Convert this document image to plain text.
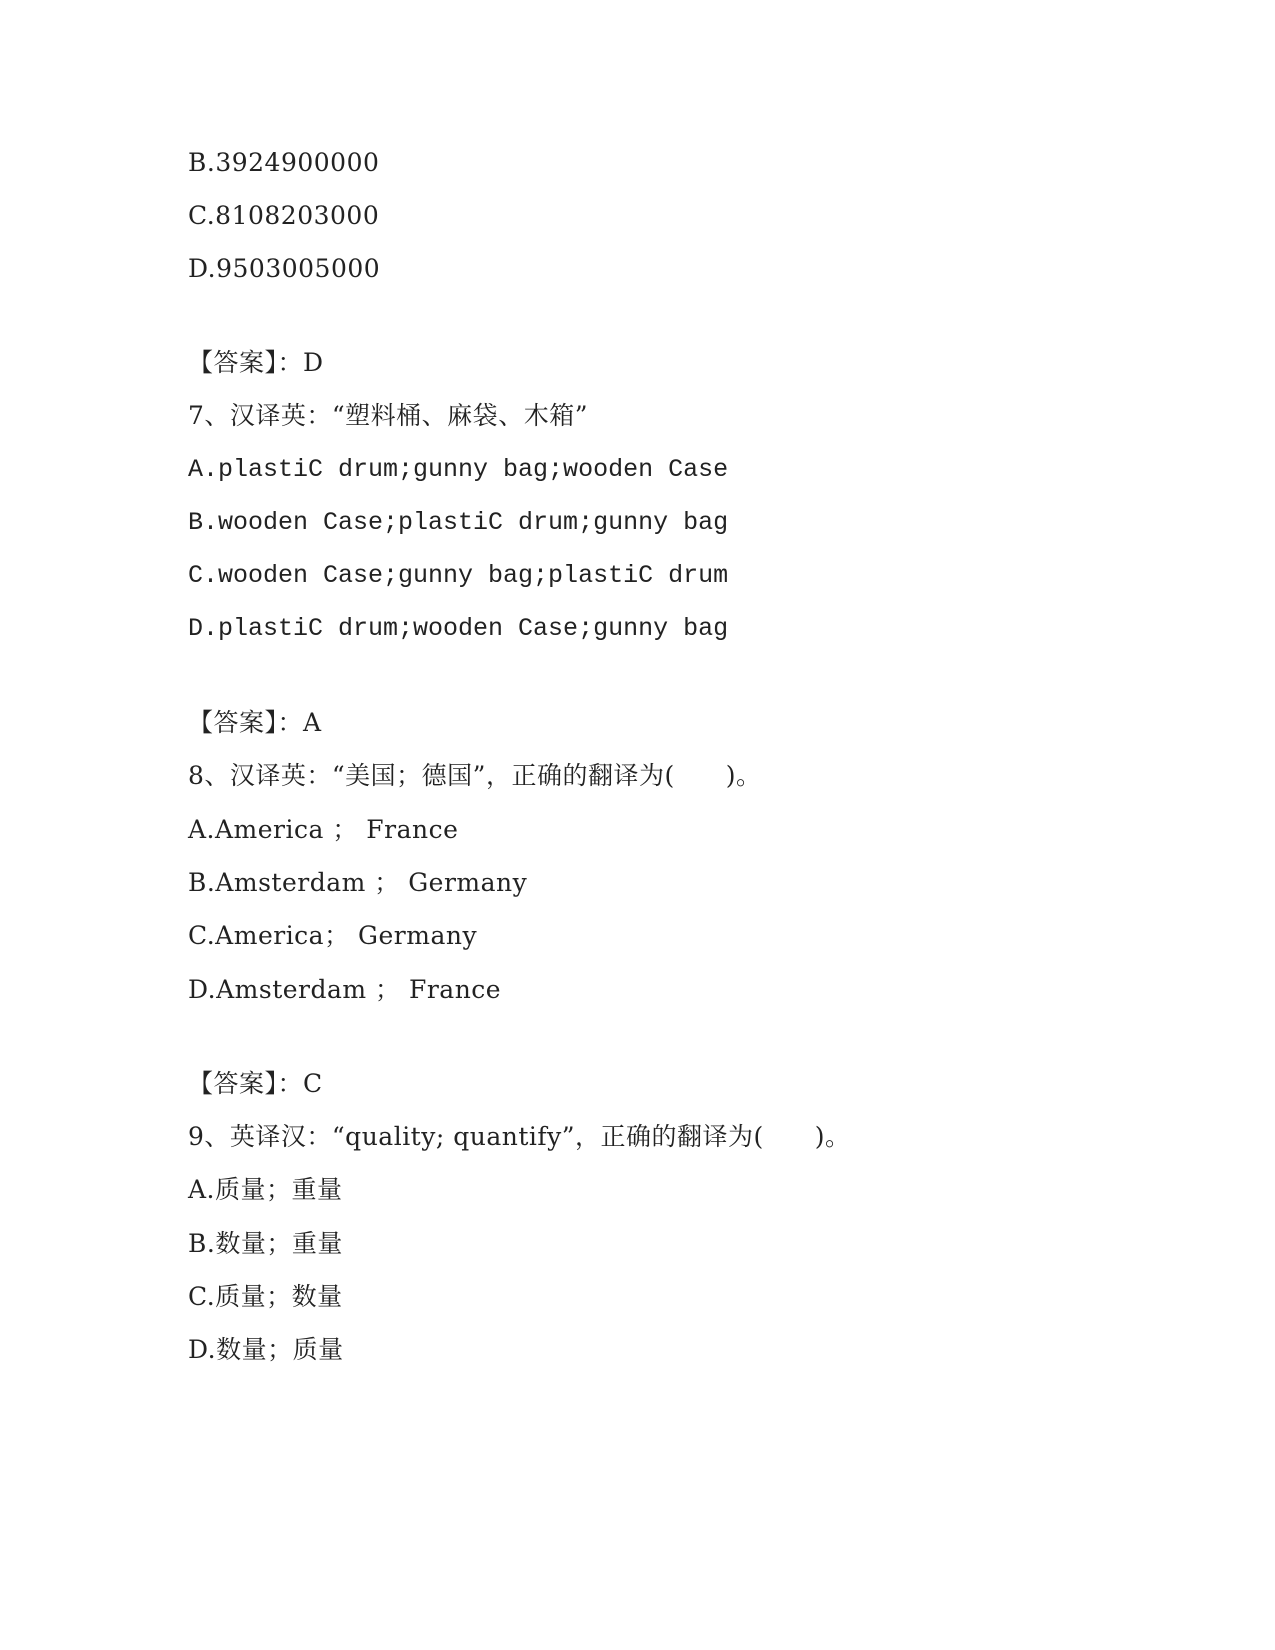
B.3924900000
C.8108203000
D.9503005000
【答案】：D
7、汉译英：“塑料桶、麻袋、木箱”
A.plastiC drum;gunny bag;wooden Case
B.wooden Case;plastiC drum;gunny bag
C.wooden Case;gunny bag;plastiC drum
D.plastiC drum;wooden Case;gunny bag
【答案】：A
8、汉译英：“美国；德国”，正确的翻译为(　　)。
A.America ； France
B.Amsterdam ； Germany
C.America； Germany
D.Amsterdam ； France
【答案】：C
9、英译汉：“quality; quantify”，正确的翻译为(　　)。
A.质量；重量
B.数量；重量
C.质量；数量
D.数量；质量
